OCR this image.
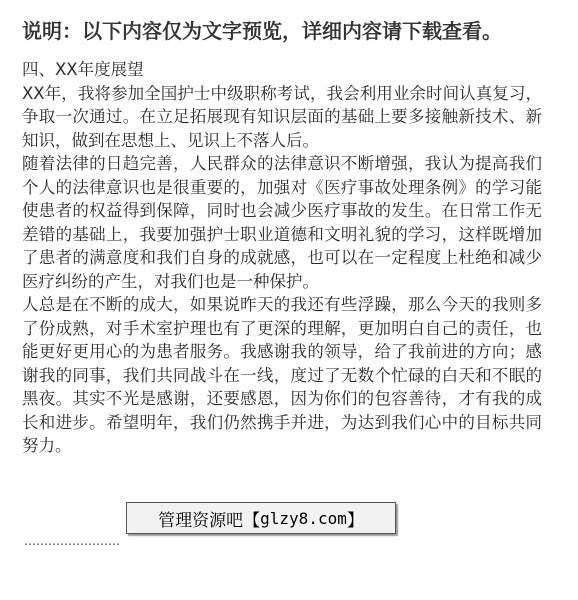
说明：以下内容仅为文字预览，详细内容请下载查看。

四、XX年度展望

XX年，我将参加全国护士中级职称考试，我会利用业余时间认真复习，争取一次通过。在立足拓展现有知识层面的基础上要多接触新技术、新知识，做到在思想上、见识上不落人后。

随着法律的日趋完善，人民群众的法律意识不断增强，我认为提高我们个人的法律意识也是很重要的，加强对《医疗事故处理条例》的学习能使患者的权益得到保障，同时也会减少医疗事故的发生。在日常工作无差错的基础上，我要加强护士职业道德和文明礼貌的学习，这样既增加了患者的满意度和我们自身的成就感，也可以在一定程度上杜绝和减少医疗纠纷的产生，对我们也是一种保护。

人总是在不断的成大，如果说昨天的我还有些浮躁，那么今天的我则多了份成熟，对手术室护理也有了更深的理解，更加明白自己的责任，也能更好更用心的为患者服务。我感谢我的领导，给了我前进的方向；感谢我的同事，我们共同战斗在一线，度过了无数个忙碌的白天和不眠的黑夜。其实不光是感谢，还要感恩，因为你们的包容善待，才有我的成长和进步。希望明年，我们仍然携手并进，为达到我们心中的目标共同努力。

……………………
管理资源吧【 glzy8.com 】
